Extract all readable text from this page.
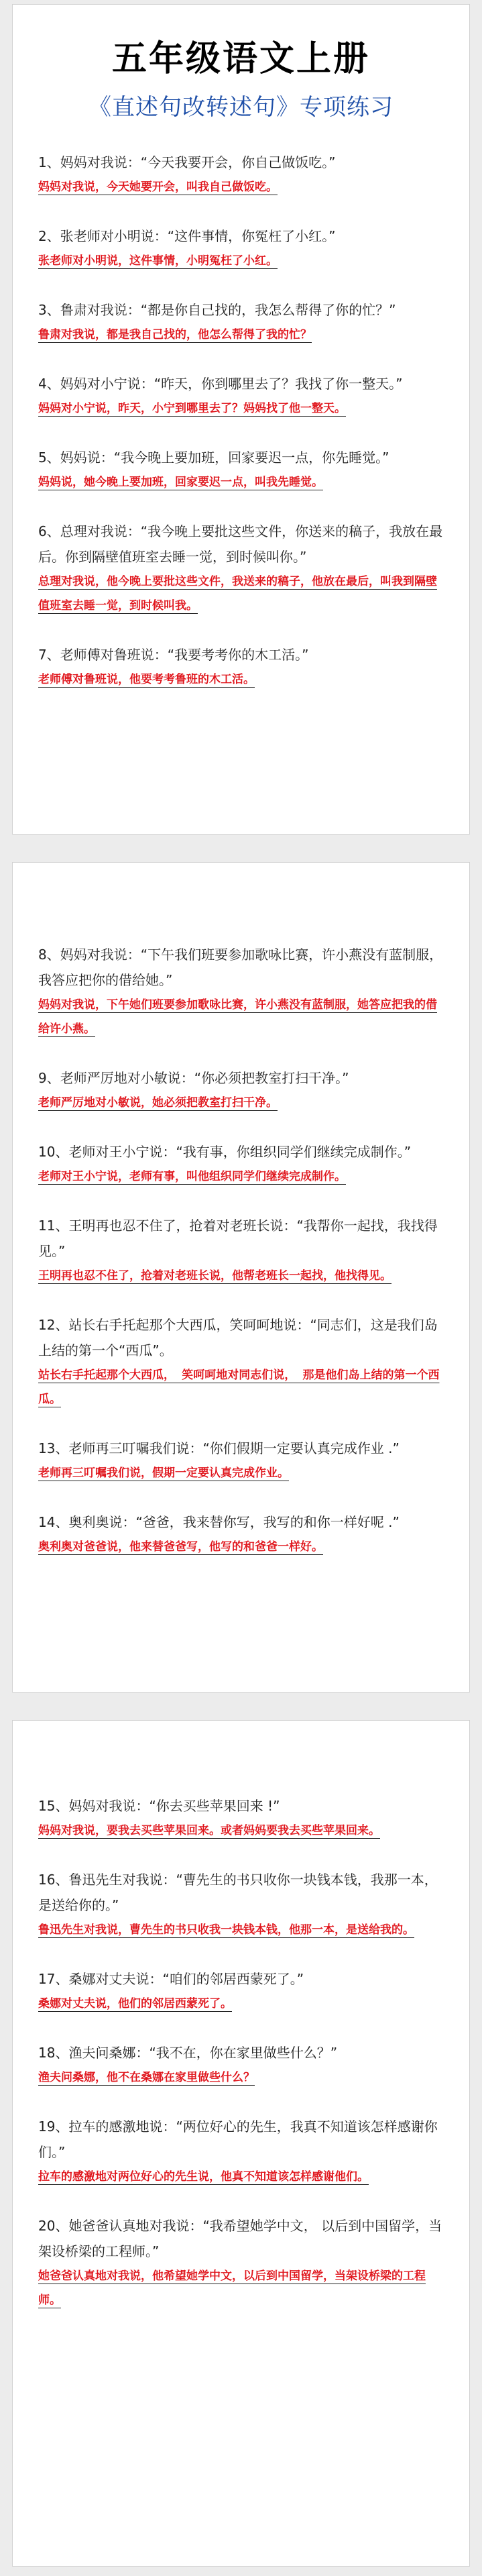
五年级语文上册
《直述句改转述句》专项练习
1、妈妈对我说：“今天我要开会，你自己做饭吃。”
妈妈对我说，今天她要开会，叫我自己做饭吃。
2、张老师对小明说：“这件事情，你冤枉了小红。”
张老师对小明说，这件事情，小明冤枉了小红。
3、鲁肃对我说：“都是你自己找的，我怎么帮得了你的忙？”
鲁肃对我说，都是我自己找的，他怎么帮得了我的忙？
4、妈妈对小宁说：“昨天，你到哪里去了？我找了你一整天。”
妈妈对小宁说，昨天，小宁到哪里去了？妈妈找了他一整天。
5、妈妈说：“我今晚上要加班，回家要迟一点，你先睡觉。”
妈妈说，她今晚上要加班，回家要迟一点，叫我先睡觉。
6、总理对我说：“我今晚上要批这些文件，你送来的稿子，我放在最后。你到隔壁值班室去睡一觉，到时候叫你。”
总理对我说，他今晚上要批这些文件，我送来的稿子，他放在最后，叫我到隔壁值班室去睡一觉，到时候叫我。
7、老师傅对鲁班说：“我要考考你的木工活。”
老师傅对鲁班说，他要考考鲁班的木工活。
8、妈妈对我说：“下午我们班要参加歌咏比赛，许小燕没有蓝制服，我答应把你的借给她。”
妈妈对我说，下午她们班要参加歌咏比赛，许小燕没有蓝制服，她答应把我的借给许小燕。
9、老师严厉地对小敏说：“你必须把教室打扫干净。”
老师严厉地对小敏说，她必须把教室打扫干净。
10、老师对王小宁说：“我有事，你组织同学们继续完成制作。”
老师对王小宁说，老师有事，叫他组织同学们继续完成制作。
11、王明再也忍不住了，抢着对老班长说：“我帮你一起找，我找得见。”
王明再也忍不住了，抢着对老班长说，他帮老班长一起找，他找得见。
12、站长右手托起那个大西瓜，笑呵呵地说：“同志们，这是我们岛上结的第一个“西瓜”。
站长右手托起那个大西瓜， 笑呵呵地对同志们说， 那是他们岛上结的第一个西瓜。
13、老师再三叮嘱我们说：“你们假期一定要认真完成作业 .”
老师再三叮嘱我们说，假期一定要认真完成作业。
14、奥利奥说：“爸爸，我来替你写，我写的和你一样好呢 .”
奥利奥对爸爸说，他来替爸爸写，他写的和爸爸一样好。
15、妈妈对我说：“你去买些苹果回来 !”
妈妈对我说，要我去买些苹果回来。或者妈妈要我去买些苹果回来。
16、鲁迅先生对我说：“曹先生的书只收你一块钱本钱，我那一本，是送给你的。”
鲁迅先生对我说，曹先生的书只收我一块钱本钱，他那一本，是送给我的。
17、桑娜对丈夫说：“咱们的邻居西蒙死了。”
桑娜对丈夫说，他们的邻居西蒙死了。
18、渔夫问桑娜：“我不在，你在家里做些什么？”
渔夫问桑娜，他不在桑娜在家里做些什么？
19、拉车的感激地说：“两位好心的先生，我真不知道该怎样感谢你们。”
拉车的感激地对两位好心的先生说，他真不知道该怎样感谢他们。
20、她爸爸认真地对我说：“我希望她学中文， 以后到中国留学，当架设桥梁的工程师。”
她爸爸认真地对我说，他希望她学中文，以后到中国留学，当架设桥梁的工程师。
